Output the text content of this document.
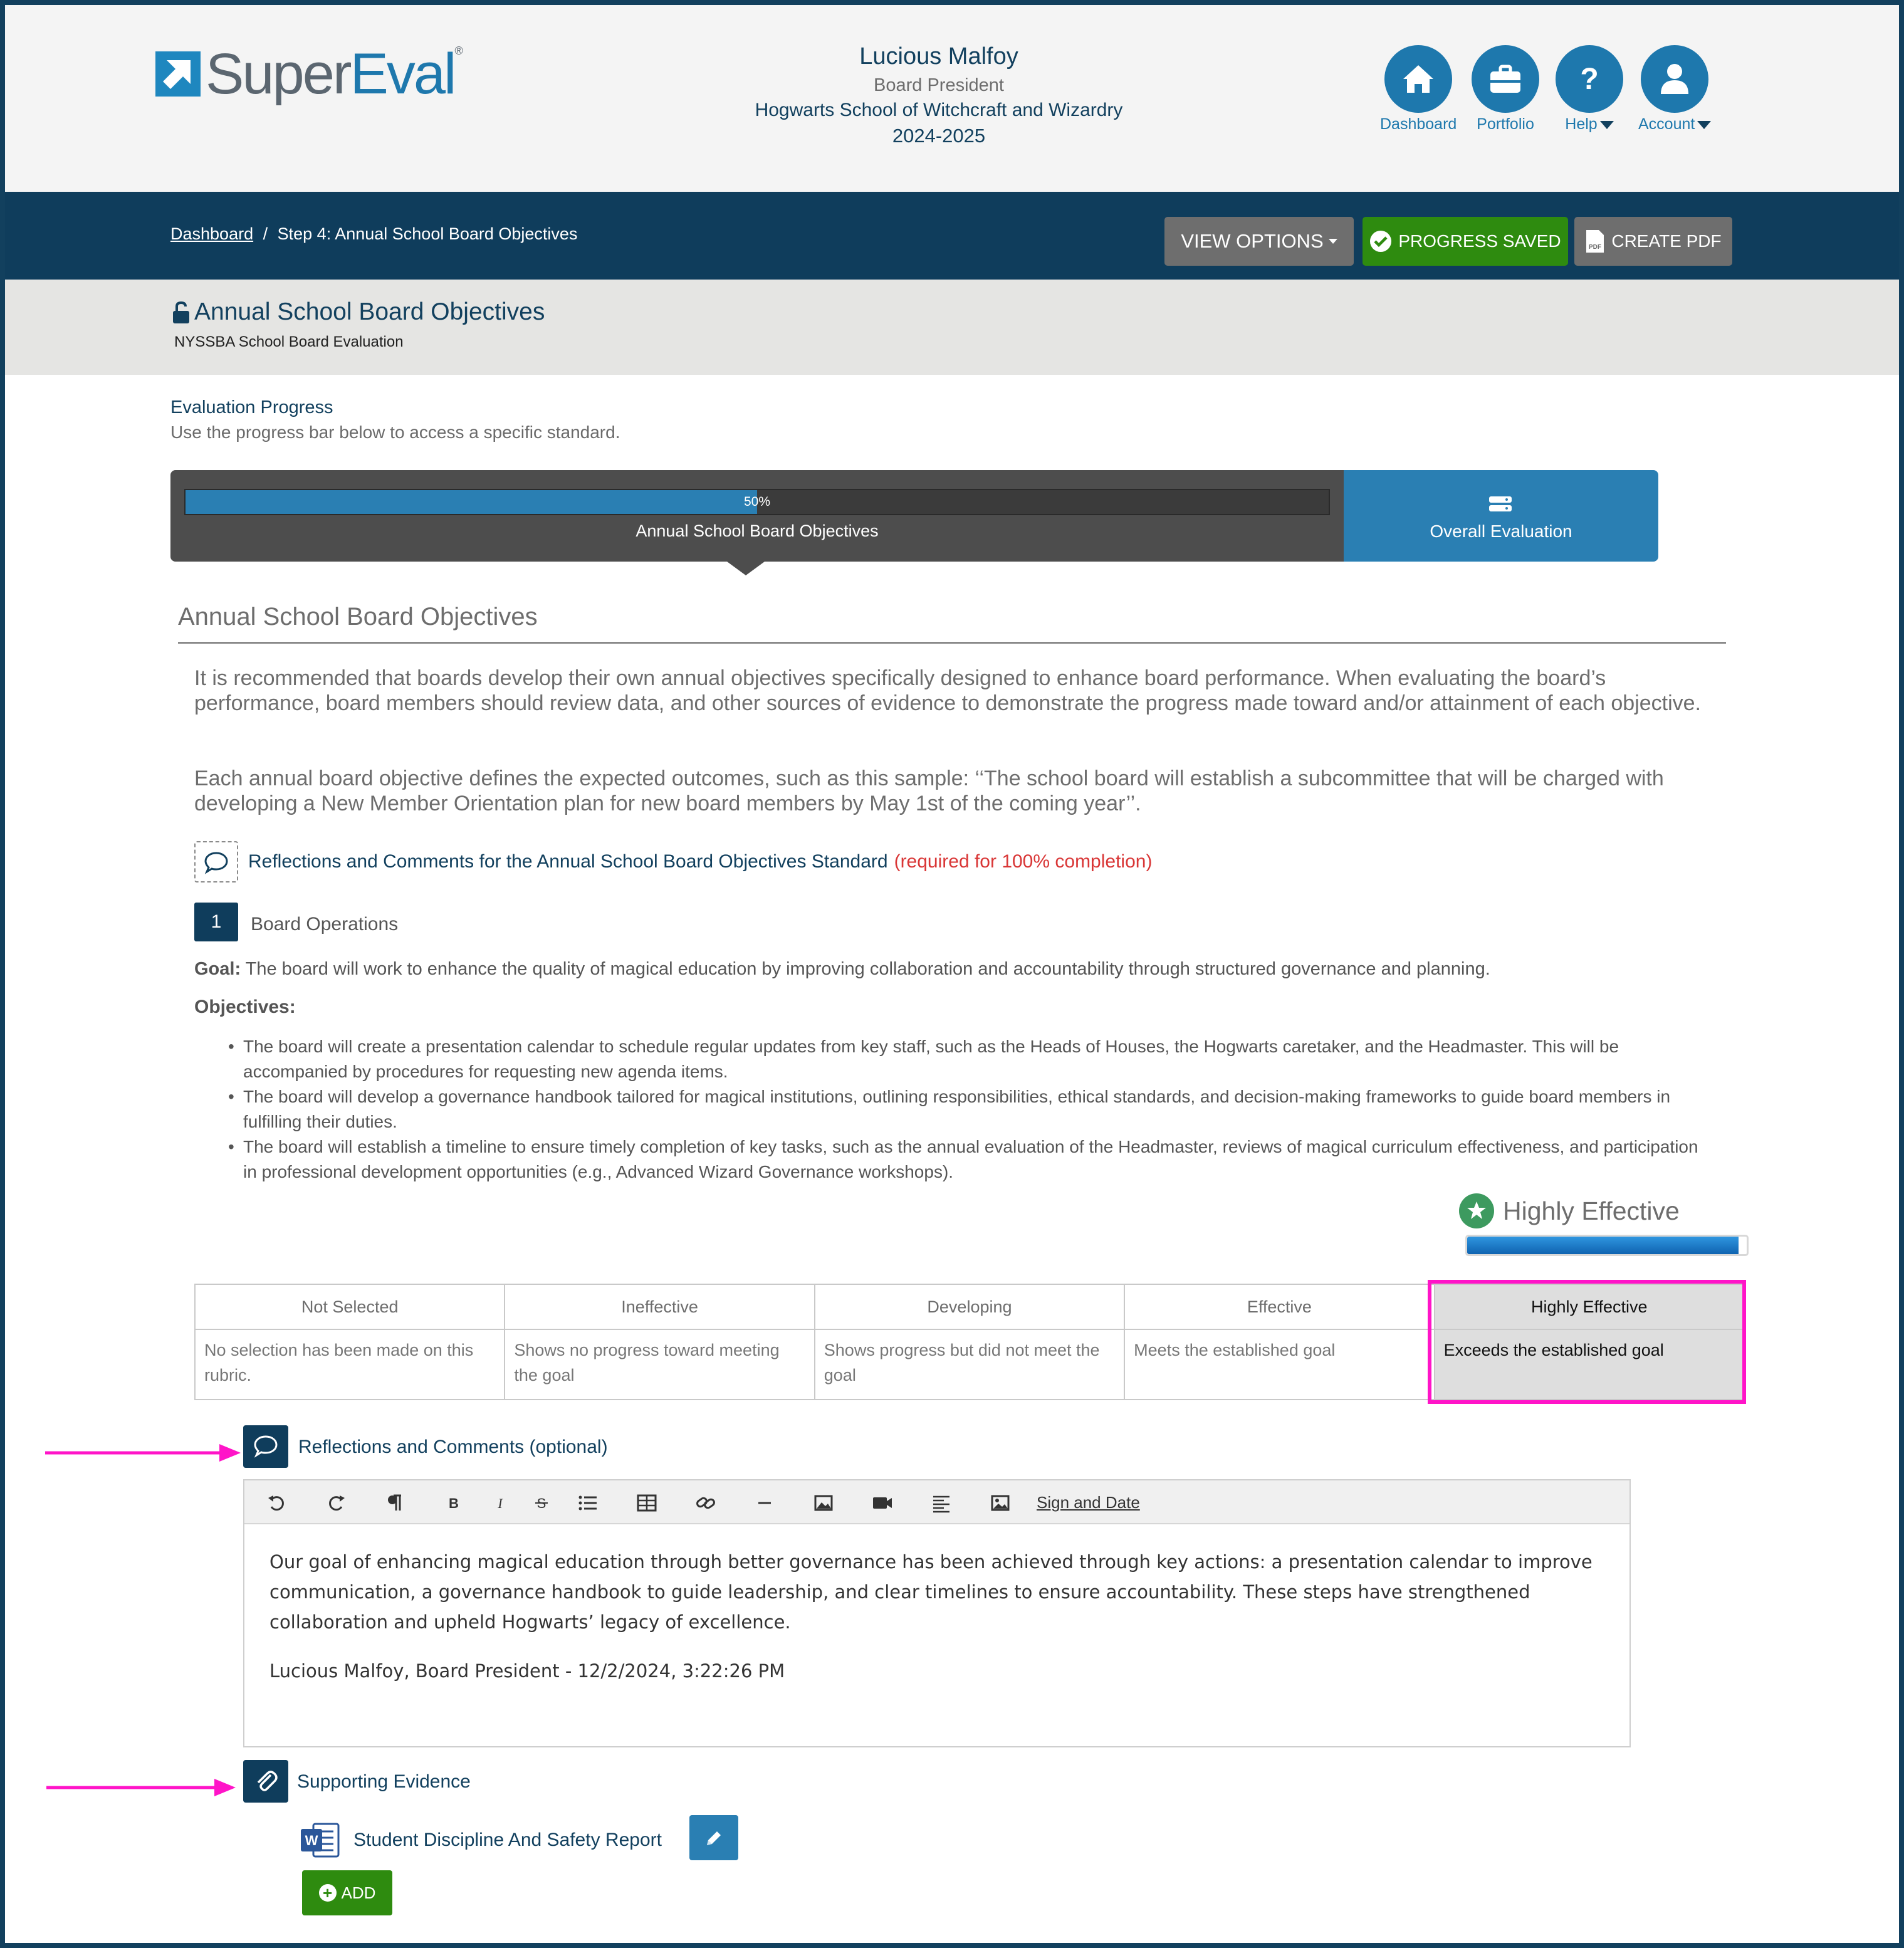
SuperEval®	Lucious Malfoy
Board President
Hogwarts School of Witchcraft and Wizardry
2024-2025
Dashboard	Portfolio
?
Help	Account
Dashboard / Step 4: Annual School Board Objectives	VIEW OPTIONS	PROGRESS SAVED	PDF CREATE PDF
Annual School Board Objectives
NYSSBA School Board Evaluation
Evaluation Progress
Use the progress bar below to access a specific standard.
50%
Annual School Board Objectives	Overall Evaluation
Annual School Board Objectives
It is recommended that boards develop their own annual objectives specifically designed to enhance board performance. When evaluating the board’s performance, board members should review data, and other sources of evidence to demonstrate the progress made toward and/or attainment of each objective.
Each annual board objective defines the expected outcomes, such as this sample: ‘‘The school board will establish a subcommittee that will be charged with developing a New Member Orientation plan for new board members by May 1st of the coming year’’.
Reflections and Comments for the Annual School Board Objectives Standard (required for 100% completion)
1	Board Operations
Goal: The board will work to enhance the quality of magical education by improving collaboration and accountability through structured governance and planning.
Objectives:
• The board will create a presentation calendar to schedule regular updates from key staff, such as the Heads of Houses, the Hogwarts caretaker, and the Headmaster. This will be accompanied by procedures for requesting new agenda items.
• The board will develop a governance handbook tailored for magical institutions, outlining responsibilities, ethical standards, and decision-making frameworks to guide board members in fulfilling their duties.
• The board will establish a timeline to ensure timely completion of key tasks, such as the annual evaluation of the Headmaster, reviews of magical curriculum effectiveness, and participation in professional development opportunities (e.g., Advanced Wizard Governance workshops).
Highly Effective
Not Selected	Ineffective	Developing	Effective	Highly Effective
No selection has been made on this rubric.	Shows no progress toward meeting the goal	Shows progress but did not meet the goal	Meets the established goal	Exceeds the established goal
Reflections and Comments (optional)
B	I S	Sign and Date
Our goal of enhancing magical education through better governance has been achieved through key actions: a presentation calendar to improve communication, a governance handbook to guide leadership, and clear timelines to ensure accountability. These steps have strengthened collaboration and upheld Hogwarts’ legacy of excellence.
Lucious Malfoy, Board President - 12/2/2024, 3:22:26 PM
Supporting Evidence
W Student Discipline And Safety Report
+ ADD
